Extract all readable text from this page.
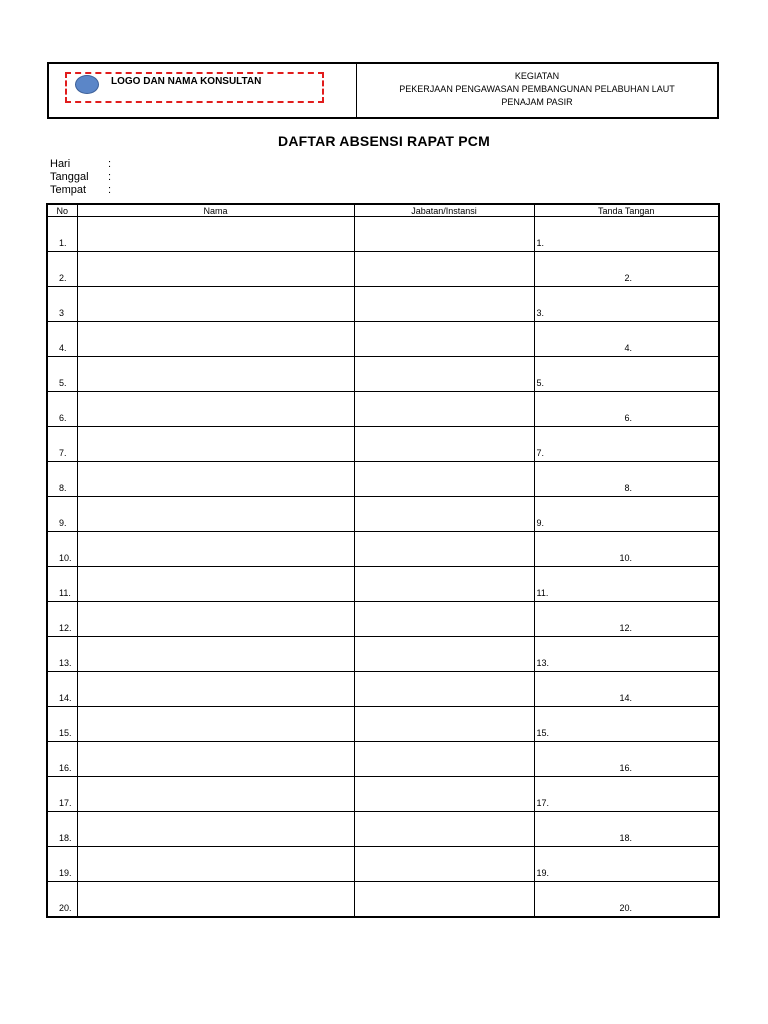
LOGO DAN NAMA KONSULTAN	KEGIATAN
PEKERJAAN PENGAWASAN PEMBANGUNAN PELABUHAN LAUT
PENAJAM PASIR
DAFTAR ABSENSI RAPAT PCM
Hari	:
Tanggal	:
Tempat	:
No	Nama	Jabatan/Instansi	Tanda Tangan
1.			1.
2.			2.
3			3.
4.			4.
5.			5.
6.			6.
7.			7.
8.			8.
9.			9.
10.			10.
11.			11.
12.			12.
13.			13.
14.			14.
15.			15.
16.			16.
17.			17.
18.			18.
19.			19.
20.			20.
